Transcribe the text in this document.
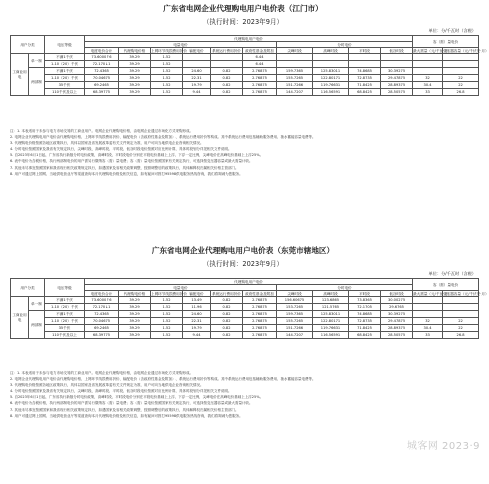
广东省电网企业代理购电用户电价表（江门市）
（执行时间：2023年9月）
单位：分/千瓦时（含税）
用户分类		电压等级	代理购电用户电价										容（需）量电价	
			电量电价						分时电价					
			电度电价合计	代理购电价格	上网环节线损费用折价	输配电价	系统运行费用折价	政府性基金及附加	尖峰时段	高峰时段	平时段	低谷时段	最大需量（元/千瓦·月）	变压器容量（元/千伏安·月）
工商业用电	单一制	不满1千伏	73.6000↑6	39.29	1.52			6.44						
		1-10（20）千伏	72.170↓1	39.29	1.52			6.44						
	两部制	不满1千伏	72.4365	39.29	1.52	24.60	0.82	2.76875	159.7365	125.83011	74.8685	30.39275		
		1-10（20）千伏	70.04675	39.29	1.52	22.31	0.82	2.76875	155.7265	122.80171	72.8735	29.47875	32	22
		35千伏	69.2465	39.29	1.52	19.79	0.82	2.76875	151.7266	119.76631	71.8425	28.89375	30.4	22
		110千伏及以上	68.39775	39.29	1.52	9.44	0.82	2.76875	144.7207	116.56591	68.8425	28.50575	33	26.8
注：1. 本表适用于未参与电力市场交易的工商业用户。电网企业代理购电价格，由电网企业通过市场化方式采购形成。
2. 电网企业代理购电用户电价由代理购电价格、上网环节线损费用折价、输配电价（含政府性基金及附加）、系统运行费用折价等构成。其中系统运行费用包括辅助服务费用、抽水蓄能容量电费等。
3. 代理购电价格按照各地区政策执行，具体以国家及省发展改革委有关文件规定为准，用户可向当地供电企业咨询相关情况。
4. 分时电价按照国家及我省有关规定执行，尖峰时段、高峰时段、平时段、低谷时段电价按照对应比例计算，具体时段划分详见相关文件说明。
5. 自2023年6月1日起，广东省执行新版分时电价政策，高峰时段、平时段电价分别在平段电价基础上上浮、下浮一定比例，尖峰电价在高峰电价基础上上浮25%。
6. 表中电价为含税价格，执行两部制电价的用户需另行缴纳容（需）量电费；容（需）量电价按照国家有关规定执行，可选择按变压器容量或最大需量计收。
7. 其他未尽事宜按照国家和我省现行相关政策规定执行，如遇国家及省相关政策调整，按照调整后的政策执行，具体解释权归属相关价格主管部门。
8. 用户可通过网上国网、当地供电营业厅等渠道查询本月代理购电价格及相关信息，如有疑问可拨打95598供电服务热线咨询，我们将竭诚为您服务。
广东省电网企业代理购电用户电价表（东莞市辖地区）
（执行时间：2023年9月）
单位：分/千瓦时（含税）
用户分类		电压等级	代理购电用户电价										容（需）量电价	
			电量电价						分时电价					
			电度电价合计	代理购电价格	上网环节线损费用折价	输配电价	系统运行费用折价	政府性基金及附加	尖峰时段	高峰时段	平时段	低谷时段	最大需量（元/千瓦·月）	变压器容量（元/千伏安·月）
工商业用电	单一制	不满1千伏	73.6000↑6	39.29	1.52	13.49	0.82	2.76875	156.60675	123.6865	73.8365	30.00275		
		1-10（20）千伏	72.170↓1	39.29	1.52	11.96	0.82	2.76875	153.7265	121.5765	72.1705	29.6765		
	两部制	不满1千伏	72.4365	39.29	1.52	24.60	0.82	2.76875	159.7365	125.83011	74.8685	30.39275		
		1-10（20）千伏	70.04675	39.29	1.52	22.31	0.82	2.76875	155.7265	122.80171	72.8735	29.47875	32	22
		35千伏	69.2465	39.29	1.52	19.79	0.82	2.76875	151.7266	119.76631	71.8425	28.89375	30.4	22
		110千伏及以上	68.39775	39.29	1.52	9.44	0.82	2.76875	144.7207	116.56591	68.8425	28.50575	33	26.8
注：1. 本表适用于未参与电力市场交易的工商业用户。电网企业代理购电价格，由电网企业通过市场化方式采购形成。
2. 电网企业代理购电用户电价由代理购电价格、上网环节线损费用折价、输配电价（含政府性基金及附加）、系统运行费用折价等构成。其中系统运行费用包括辅助服务费用、抽水蓄能容量电费等。
3. 代理购电价格按照各地区政策执行，具体以国家及省发展改革委有关文件规定为准，用户可向当地供电企业咨询相关情况。
4. 分时电价按照国家及我省有关规定执行，尖峰时段、高峰时段、平时段、低谷时段电价按照对应比例计算，具体时段划分详见相关文件说明。
5. 自2023年6月1日起，广东省执行新版分时电价政策，高峰时段、平时段电价分别在平段电价基础上上浮、下浮一定比例，尖峰电价在高峰电价基础上上浮25%。
6. 表中电价为含税价格，执行两部制电价的用户需另行缴纳容（需）量电费；容（需）量电价按照国家有关规定执行，可选择按变压器容量或最大需量计收。
7. 其他未尽事宜按照国家和我省现行相关政策规定执行，如遇国家及省相关政策调整，按照调整后的政策执行，具体解释权归属相关价格主管部门。
8. 用户可通过网上国网、当地供电营业厅等渠道查询本月代理购电价格及相关信息，如有疑问可拨打95598供电服务热线咨询，我们将竭诚为您服务。
城客网 2023·9
